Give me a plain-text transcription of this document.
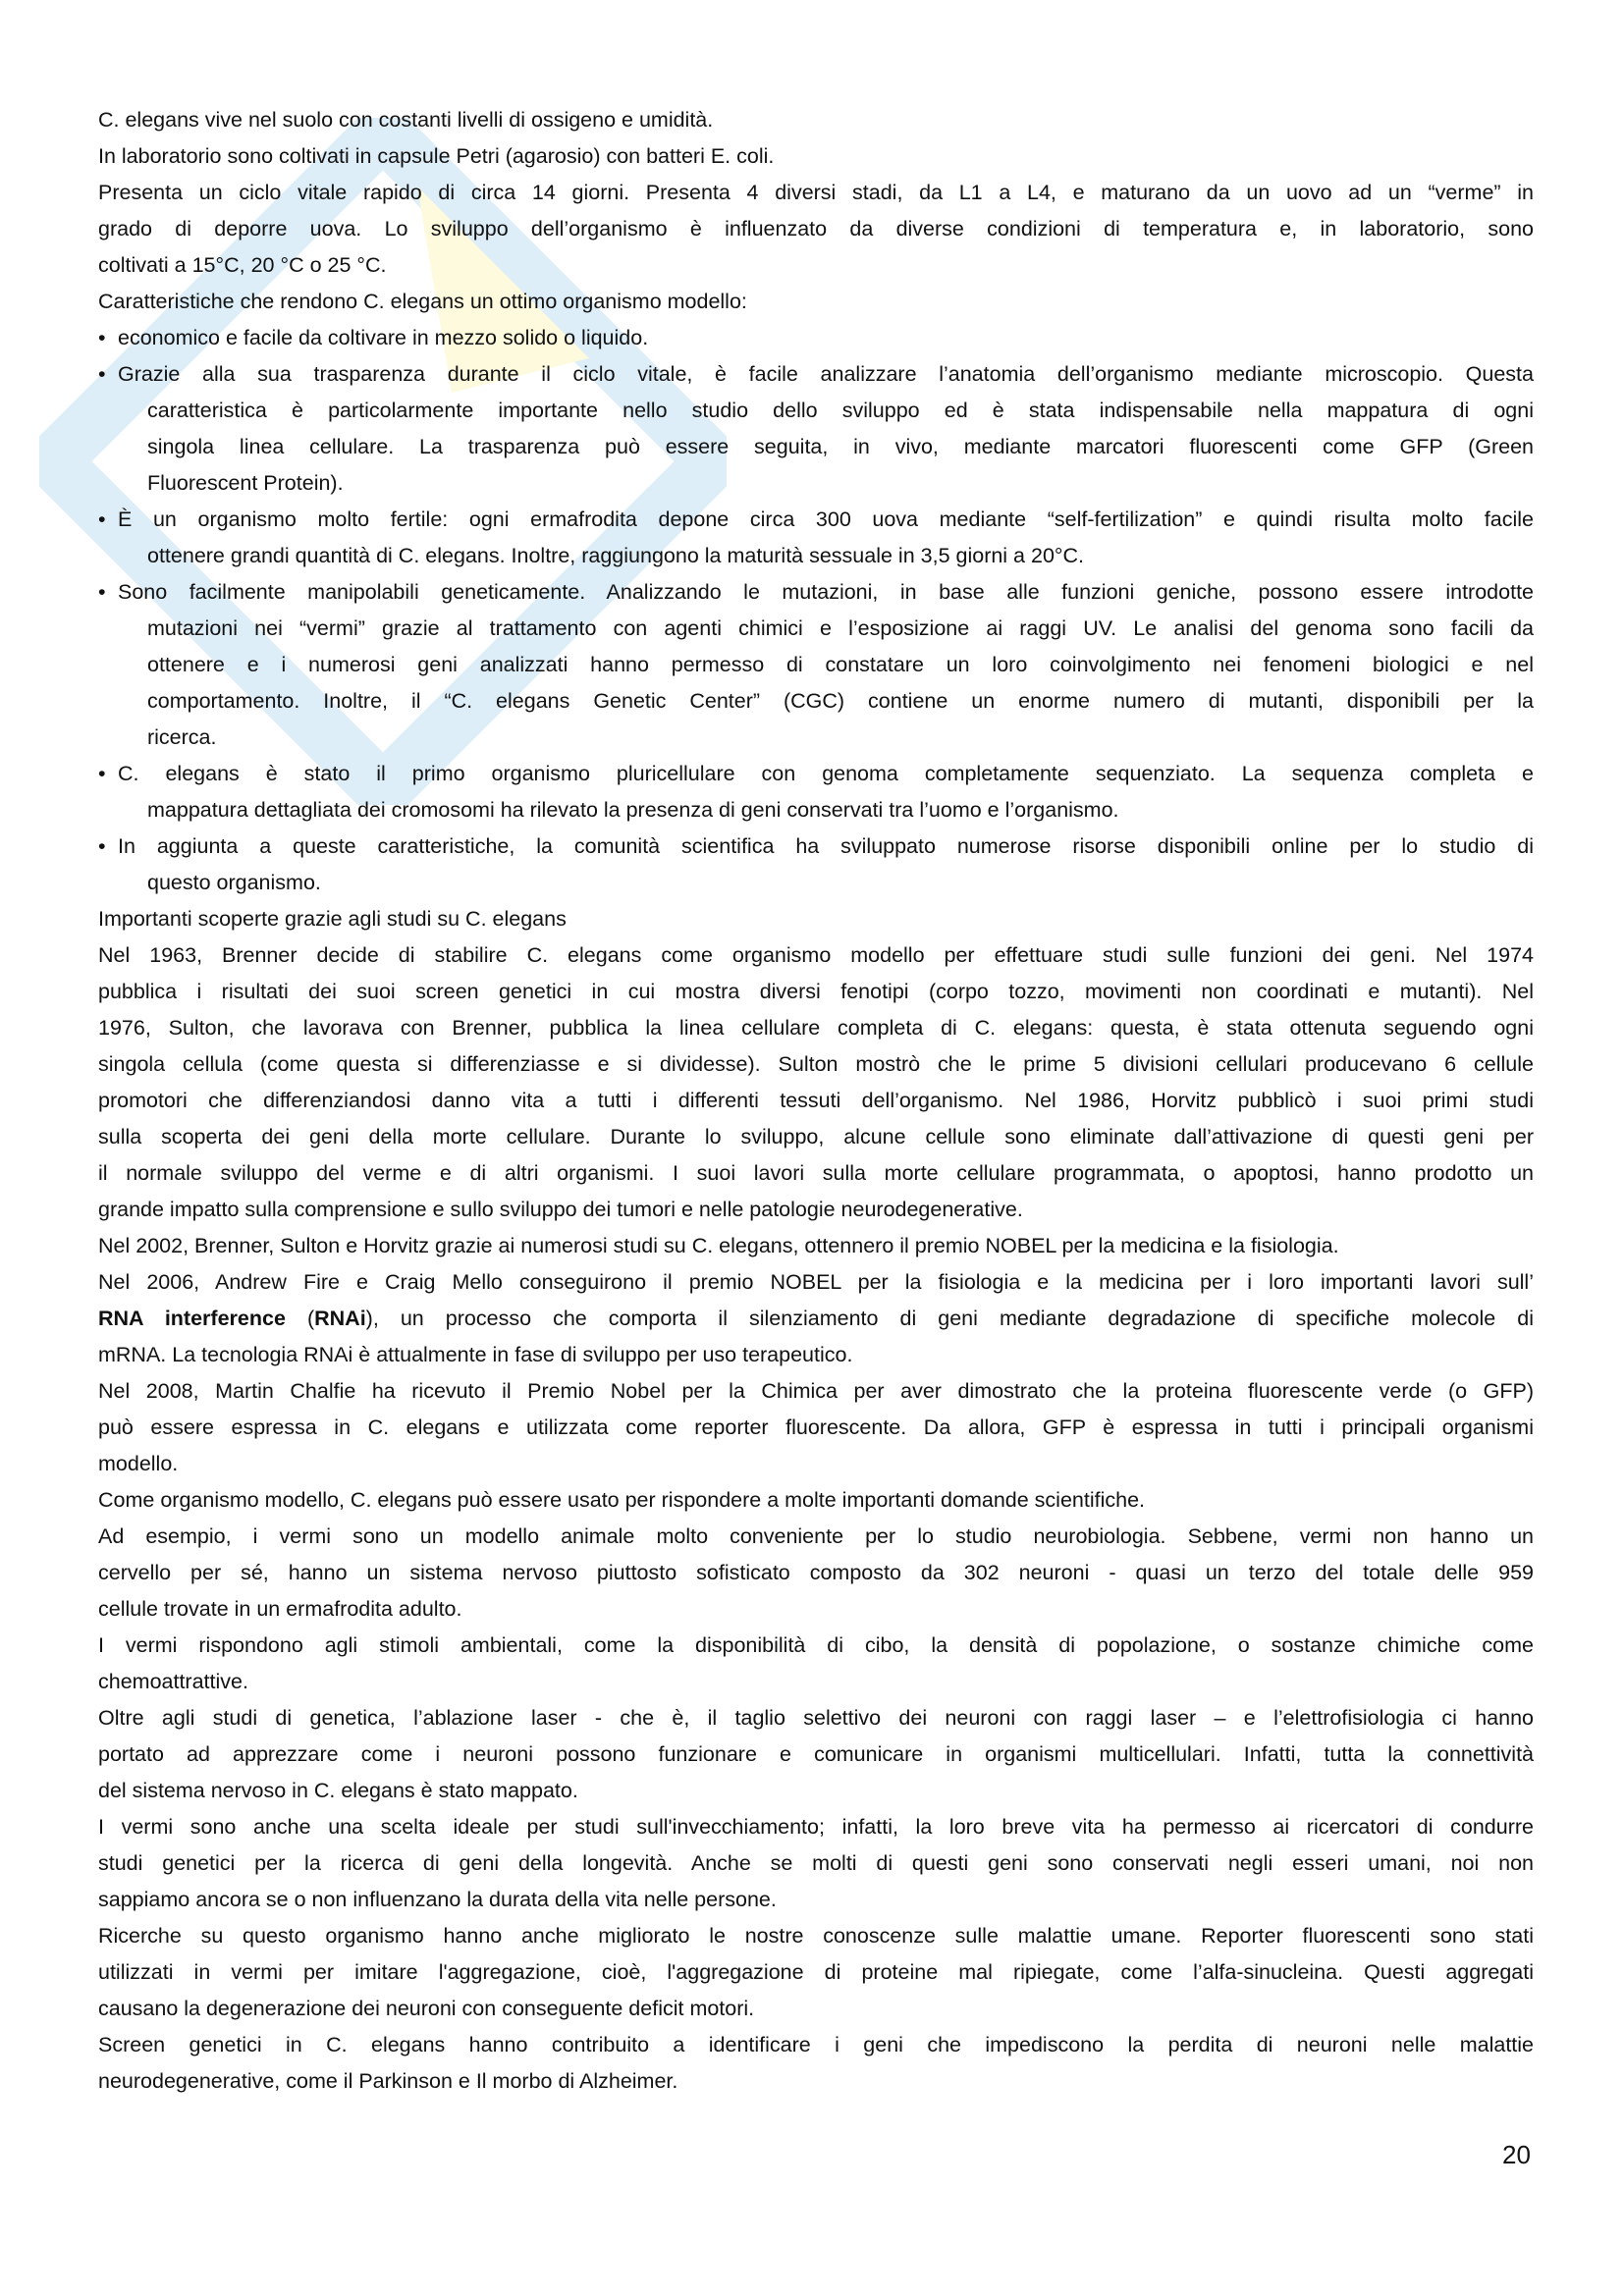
C. elegans vive nel suolo con costanti livelli di ossigeno e umidità.
In laboratorio sono coltivati in capsule Petri (agarosio) con batteri E. coli.
Presenta un ciclo vitale rapido di circa 14 giorni. Presenta 4 diversi stadi, da L1 a L4, e maturano da un uovo ad un “verme” in
grado di deporre uova. Lo sviluppo dell’organismo è influenzato da diverse condizioni di temperatura e, in laboratorio, sono
coltivati a 15°C, 20 °C o 25 °C.
Caratteristiche che rendono C. elegans un ottimo organismo modello:
• economico e facile da coltivare in mezzo solido o liquido.
• Grazie alla sua trasparenza durante il ciclo vitale, è facile analizzare l’anatomia dell’organismo mediante microscopio. Questa
caratteristica è particolarmente importante nello studio dello sviluppo ed è stata indispensabile nella mappatura di ogni
singola linea cellulare. La trasparenza può essere seguita, in vivo, mediante marcatori fluorescenti come GFP (Green
Fluorescent Protein).
• È un organismo molto fertile: ogni ermafrodita depone circa 300 uova mediante “self-fertilization” e quindi risulta molto facile
ottenere grandi quantità di C. elegans. Inoltre, raggiungono la maturità sessuale in 3,5 giorni a 20°C.
• Sono facilmente manipolabili geneticamente. Analizzando le mutazioni, in base alle funzioni geniche, possono essere introdotte
mutazioni nei “vermi” grazie al trattamento con agenti chimici e l’esposizione ai raggi UV. Le analisi del genoma sono facili da
ottenere e i numerosi geni analizzati hanno permesso di constatare un loro coinvolgimento nei fenomeni biologici e nel
comportamento. Inoltre, il “C. elegans Genetic Center” (CGC) contiene un enorme numero di mutanti, disponibili per la
ricerca.
• C. elegans è stato il primo organismo pluricellulare con genoma completamente sequenziato. La sequenza completa e
mappatura dettagliata dei cromosomi ha rilevato la presenza di geni conservati tra l’uomo e l’organismo.
• In aggiunta a queste caratteristiche, la comunità scientifica ha sviluppato numerose risorse disponibili online per lo studio di
questo organismo.
Importanti scoperte grazie agli studi su C. elegans
Nel 1963, Brenner decide di stabilire C. elegans come organismo modello per effettuare studi sulle funzioni dei geni. Nel 1974
pubblica i risultati dei suoi screen genetici in cui mostra diversi fenotipi (corpo tozzo, movimenti non coordinati e mutanti). Nel
1976, Sulton, che lavorava con Brenner, pubblica la linea cellulare completa di C. elegans: questa, è stata ottenuta seguendo ogni
singola cellula (come questa si differenziasse e si dividesse). Sulton mostrò che le prime 5 divisioni cellulari producevano 6 cellule
promotori che differenziandosi danno vita a tutti i differenti tessuti dell’organismo. Nel 1986, Horvitz pubblicò i suoi primi studi
sulla scoperta dei geni della morte cellulare. Durante lo sviluppo, alcune cellule sono eliminate dall’attivazione di questi geni per
il normale sviluppo del verme e di altri organismi. I suoi lavori sulla morte cellulare programmata, o apoptosi, hanno prodotto un
grande impatto sulla comprensione e sullo sviluppo dei tumori e nelle patologie neurodegenerative.
Nel 2002, Brenner, Sulton e Horvitz grazie ai numerosi studi su C. elegans, ottennero il premio NOBEL per la medicina e la fisiologia.
Nel 2006, Andrew Fire e Craig Mello conseguirono il premio NOBEL per la fisiologia e la medicina per i loro importanti lavori sull’
RNA interference (RNAi), un processo che comporta il silenziamento di geni mediante degradazione di specifiche molecole di
mRNA. La tecnologia RNAi è attualmente in fase di sviluppo per uso terapeutico.
Nel 2008, Martin Chalfie ha ricevuto il Premio Nobel per la Chimica per aver dimostrato che la proteina fluorescente verde (o GFP)
può essere espressa in C. elegans e utilizzata come reporter fluorescente. Da allora, GFP è espressa in tutti i principali organismi
modello.
Come organismo modello, C. elegans può essere usato per rispondere a molte importanti domande scientifiche.
Ad esempio, i vermi sono un modello animale molto conveniente per lo studio neurobiologia. Sebbene, vermi non hanno un
cervello per sé, hanno un sistema nervoso piuttosto sofisticato composto da 302 neuroni - quasi un terzo del totale delle 959
cellule trovate in un ermafrodita adulto.
I vermi rispondono agli stimoli ambientali, come la disponibilità di cibo, la densità di popolazione, o sostanze chimiche come
chemoattrattive.
Oltre agli studi di genetica, l’ablazione laser - che è, il taglio selettivo dei neuroni con raggi laser – e l’elettrofisiologia ci hanno
portato ad apprezzare come i neuroni possono funzionare e comunicare in organismi multicellulari. Infatti, tutta la connettività
del sistema nervoso in C. elegans è stato mappato.
I vermi sono anche una scelta ideale per studi sull'invecchiamento; infatti, la loro breve vita ha permesso ai ricercatori di condurre
studi genetici per la ricerca di geni della longevità. Anche se molti di questi geni sono conservati negli esseri umani, noi non
sappiamo ancora se o non influenzano la durata della vita nelle persone.
Ricerche su questo organismo hanno anche migliorato le nostre conoscenze sulle malattie umane. Reporter fluorescenti sono stati
utilizzati in vermi per imitare l'aggregazione, cioè, l'aggregazione di proteine mal ripiegate, come l’alfa-sinucleina. Questi aggregati
causano la degenerazione dei neuroni con conseguente deficit motori.
Screen genetici in C. elegans hanno contribuito a identificare i geni che impediscono la perdita di neuroni nelle malattie
neurodegenerative, come il Parkinson e Il morbo di Alzheimer.
20
